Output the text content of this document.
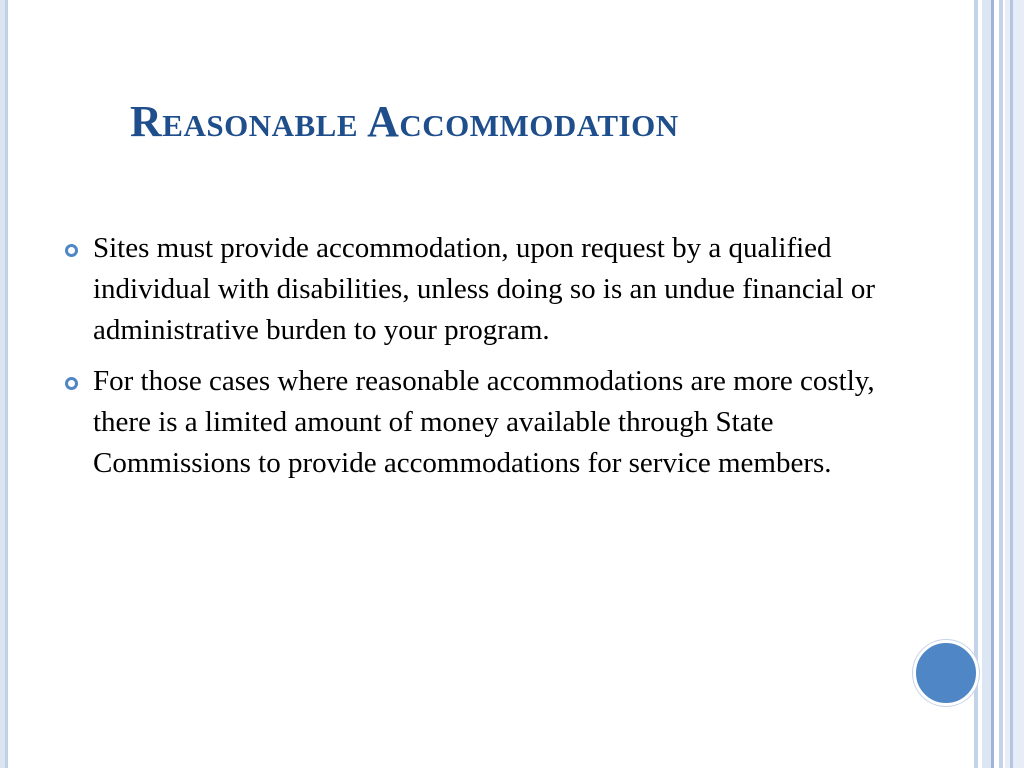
Reasonable Accommodation
Sites must provide accommodation, upon request by a qualified individual with disabilities, unless doing so is an undue financial or administrative burden to your program.
For those cases where reasonable accommodations are more costly, there is a limited amount of money available through State Commissions to provide accommodations for service members.
